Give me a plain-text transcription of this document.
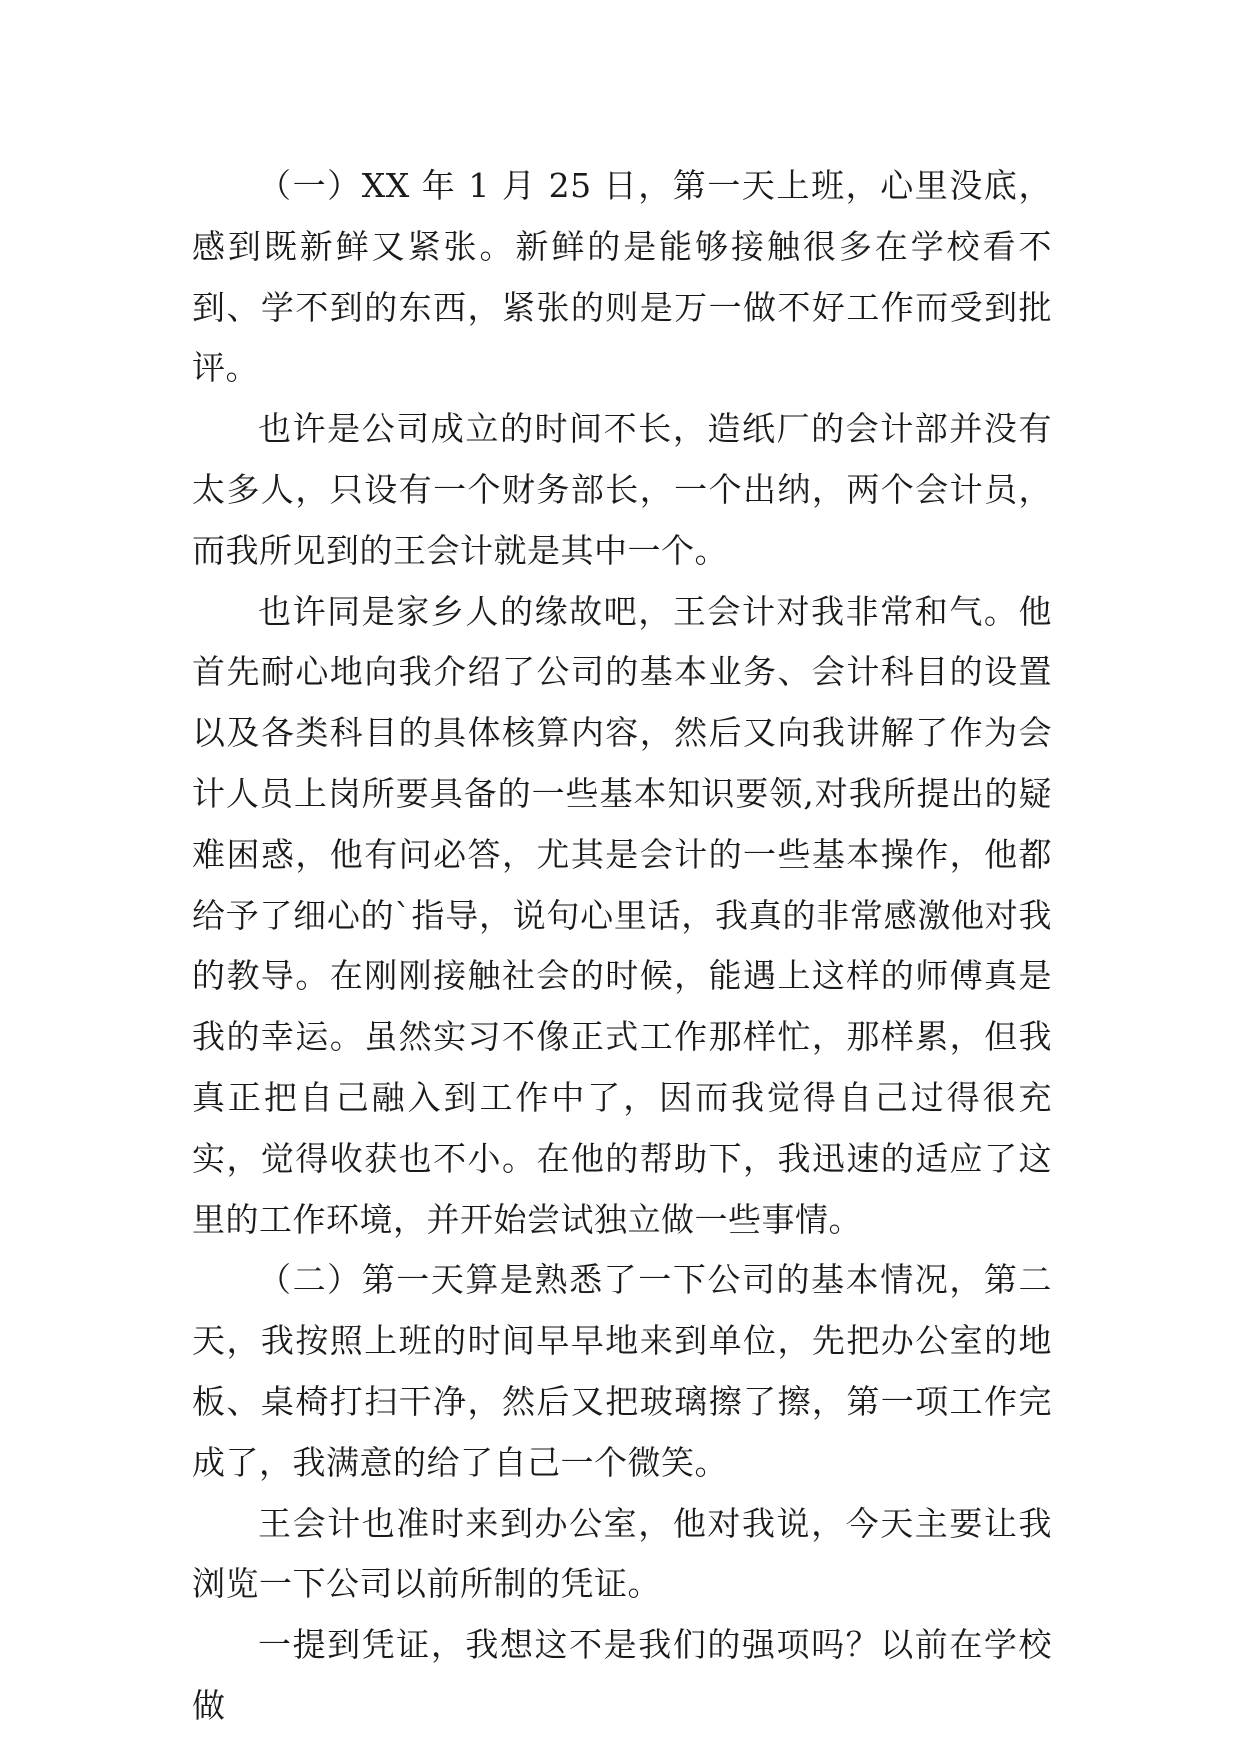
（一）XX 年 1 月 25 日，第一天上班，心里没底，感到既新鲜又紧张。新鲜的是能够接触很多在学校看不到、学不到的东西，紧张的则是万一做不好工作而受到批评。

也许是公司成立的时间不长，造纸厂的会计部并没有太多人，只设有一个财务部长，一个出纳，两个会计员，而我所见到的王会计就是其中一个。

也许同是家乡人的缘故吧，王会计对我非常和气。他首先耐心地向我介绍了公司的基本业务、会计科目的设置以及各类科目的具体核算内容，然后又向我讲解了作为会计人员上岗所要具备的一些基本知识要领,对我所提出的疑难困惑，他有问必答，尤其是会计的一些基本操作，他都给予了细心的`指导，说句心里话，我真的非常感激他对我的教导。在刚刚接触社会的时候，能遇上这样的师傅真是我的幸运。虽然实习不像正式工作那样忙，那样累，但我真正把自己融入到工作中了，因而我觉得自己过得很充实，觉得收获也不小。在他的帮助下，我迅速的适应了这里的工作环境，并开始尝试独立做一些事情。

（二）第一天算是熟悉了一下公司的基本情况，第二天，我按照上班的时间早早地来到单位，先把办公室的地板、桌椅打扫干净，然后又把玻璃擦了擦，第一项工作完成了，我满意的给了自己一个微笑。

王会计也准时来到办公室，他对我说，今天主要让我浏览一下公司以前所制的凭证。

一提到凭证，我想这不是我们的强项吗？以前在学校做
